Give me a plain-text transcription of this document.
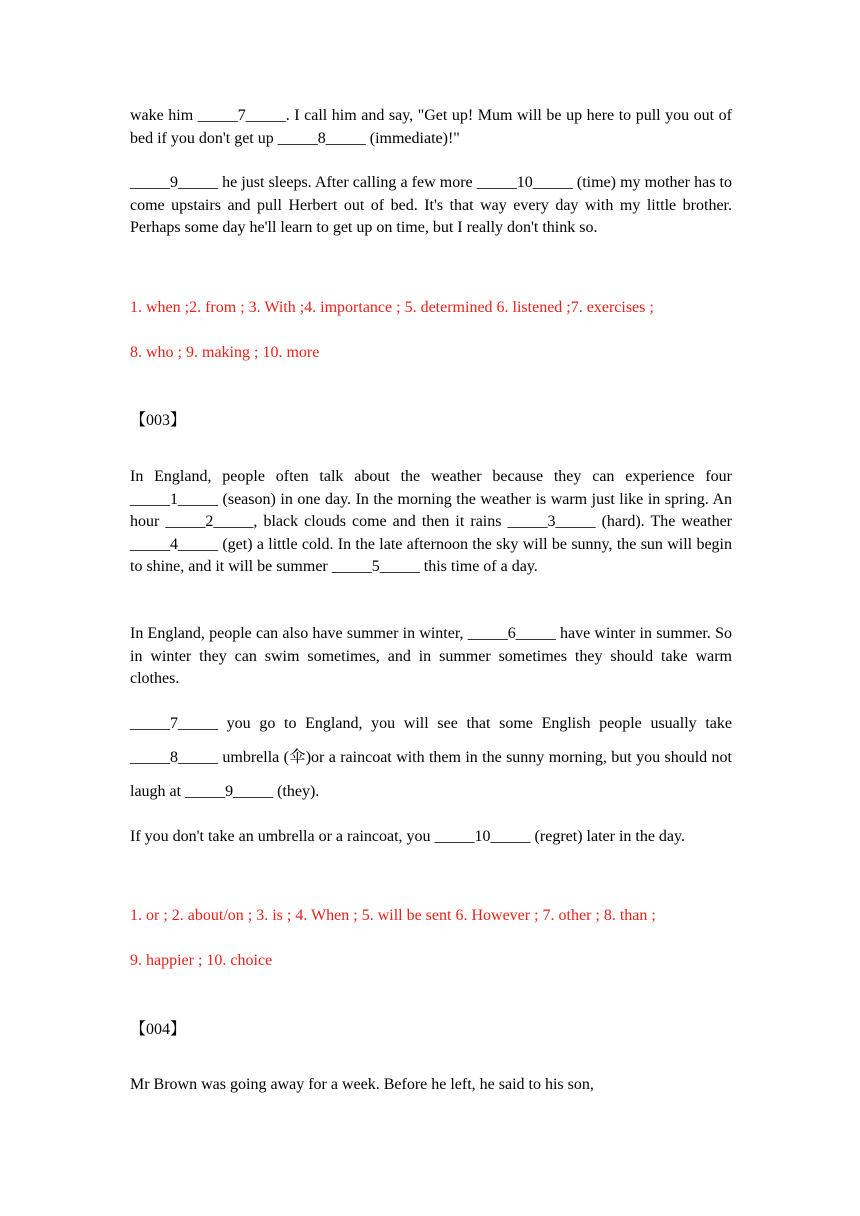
wake him _____7_____. I call him and say, "Get up! Mum will be up here to pull you out of bed if you don't get up _____8_____ (immediate)!"
_____9_____ he just sleeps. After calling a few more _____10_____ (time) my mother has to come upstairs and pull Herbert out of bed. It's that way every day with my little brother. Perhaps some day he'll learn to get up on time, but I really don't think so.
1. when ;2. from ; 3. With ;4. importance ; 5. determined 6. listened ;7. exercises ;
8. who ; 9. making ; 10. more
【003】
In England, people often talk about the weather because they can experience four _____1_____ (season) in one day. In the morning the weather is warm just like in spring. An hour _____2_____, black clouds come and then it rains _____3_____ (hard). The weather _____4_____ (get) a little cold. In the late afternoon the sky will be sunny, the sun will begin to shine, and it will be summer _____5_____ this time of a day.
In England, people can also have summer in winter, _____6_____ have winter in summer. So in winter they can swim sometimes, and in summer sometimes they should take warm clothes.
_____7_____ you go to England, you will see that some English people usually take _____8_____ umbrella (伞)or a raincoat with them in the sunny morning, but you should not laugh at _____9_____ (they).
If you don't take an umbrella or a raincoat, you _____10_____ (regret) later in the day.
1. or ; 2. about/on ; 3. is ; 4. When ; 5. will be sent 6. However ; 7. other ; 8. than ;
9. happier ; 10. choice
【004】
Mr Brown was going away for a week. Before he left, he said to his son,
